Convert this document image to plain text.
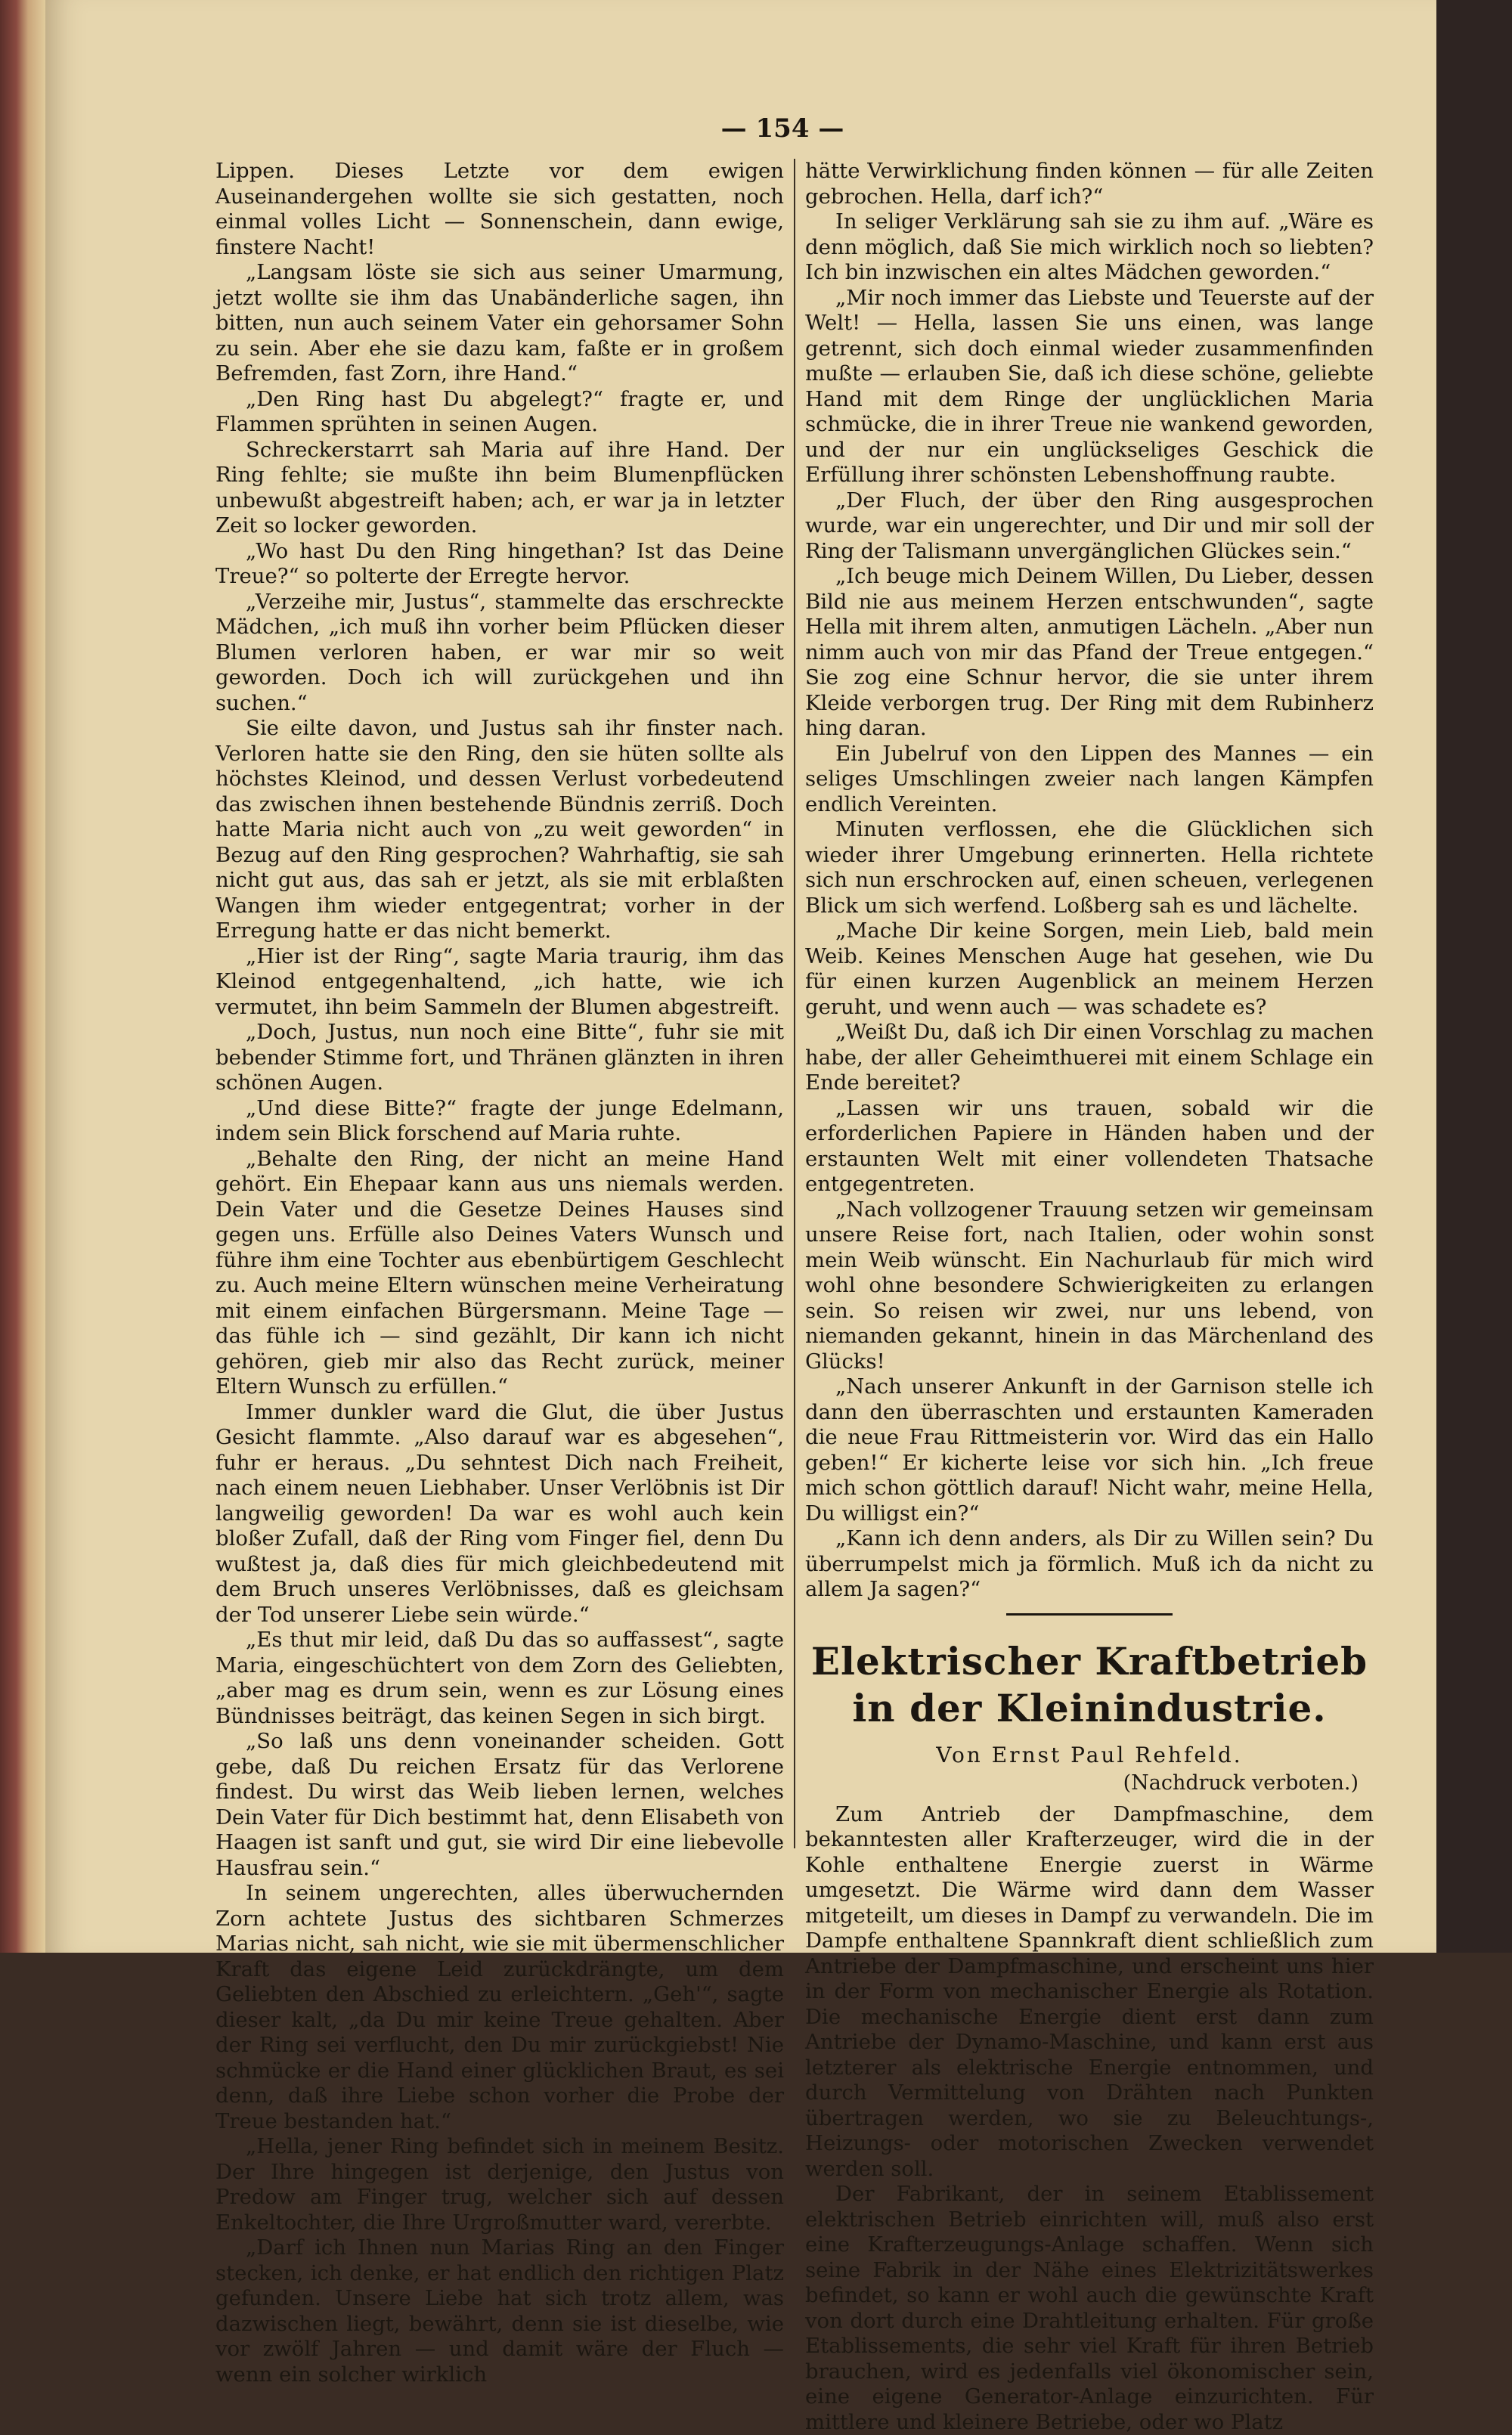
— 154 —

Lippen. Dieses Letzte vor dem ewigen Auseinandergehen wollte sie sich gestatten, noch einmal volles Licht — Sonnenschein, dann ewige, finstere Nacht!

„Langsam löste sie sich aus seiner Umarmung, jetzt wollte sie ihm das Unabänderliche sagen, ihn bitten, nun auch seinem Vater ein gehorsamer Sohn zu sein. Aber ehe sie dazu kam, faßte er in großem Befremden, fast Zorn, ihre Hand.“

„Den Ring hast Du abgelegt?“ fragte er, und Flammen sprühten in seinen Augen.

Schreckerstarrt sah Maria auf ihre Hand. Der Ring fehlte; sie mußte ihn beim Blumenpflücken unbewußt abgestreift haben; ach, er war ja in letzter Zeit so locker geworden.

„Wo hast Du den Ring hingethan? Ist das Deine Treue?“ so polterte der Erregte hervor.

„Verzeihe mir, Justus“, stammelte das erschreckte Mädchen, „ich muß ihn vorher beim Pflücken dieser Blumen verloren haben, er war mir so weit geworden. Doch ich will zurückgehen und ihn suchen.“

Sie eilte davon, und Justus sah ihr finster nach. Verloren hatte sie den Ring, den sie hüten sollte als höchstes Kleinod, und dessen Verlust vorbedeutend das zwischen ihnen bestehende Bündnis zerriß. Doch hatte Maria nicht auch von „zu weit geworden“ in Bezug auf den Ring gesprochen? Wahrhaftig, sie sah nicht gut aus, das sah er jetzt, als sie mit erblaßten Wangen ihm wieder entgegentrat; vorher in der Erregung hatte er das nicht bemerkt.

„Hier ist der Ring“, sagte Maria traurig, ihm das Kleinod entgegenhaltend, „ich hatte, wie ich vermutet, ihn beim Sammeln der Blumen abgestreift.

„Doch, Justus, nun noch eine Bitte“, fuhr sie mit bebender Stimme fort, und Thränen glänzten in ihren schönen Augen.

„Und diese Bitte?“ fragte der junge Edelmann, indem sein Blick forschend auf Maria ruhte.

„Behalte den Ring, der nicht an meine Hand gehört. Ein Ehepaar kann aus uns niemals werden. Dein Vater und die Gesetze Deines Hauses sind gegen uns. Erfülle also Deines Vaters Wunsch und führe ihm eine Tochter aus ebenbürtigem Geschlecht zu. Auch meine Eltern wünschen meine Verheiratung mit einem einfachen Bürgersmann. Meine Tage — das fühle ich — sind gezählt, Dir kann ich nicht gehören, gieb mir also das Recht zurück, meiner Eltern Wunsch zu erfüllen.“

Immer dunkler ward die Glut, die über Justus Gesicht flammte. „Also darauf war es abgesehen“, fuhr er heraus. „Du sehntest Dich nach Freiheit, nach einem neuen Liebhaber. Unser Verlöbnis ist Dir langweilig geworden! Da war es wohl auch kein bloßer Zufall, daß der Ring vom Finger fiel, denn Du wußtest ja, daß dies für mich gleichbedeutend mit dem Bruch unseres Verlöbnisses, daß es gleichsam der Tod unserer Liebe sein würde.“

„Es thut mir leid, daß Du das so auffassest“, sagte Maria, eingeschüchtert von dem Zorn des Geliebten, „aber mag es drum sein, wenn es zur Lösung eines Bündnisses beiträgt, das keinen Segen in sich birgt.

„So laß uns denn voneinander scheiden. Gott gebe, daß Du reichen Ersatz für das Verlorene findest. Du wirst das Weib lieben lernen, welches Dein Vater für Dich bestimmt hat, denn Elisabeth von Haagen ist sanft und gut, sie wird Dir eine liebevolle Hausfrau sein.“

In seinem ungerechten, alles überwuchernden Zorn achtete Justus des sichtbaren Schmerzes Marias nicht, sah nicht, wie sie mit übermenschlicher Kraft das eigene Leid zurückdrängte, um dem Geliebten den Abschied zu erleichtern. „Geh'“, sagte dieser kalt, „da Du mir keine Treue gehalten. Aber der Ring sei verflucht, den Du mir zurückgiebst! Nie schmücke er die Hand einer glücklichen Braut, es sei denn, daß ihre Liebe schon vorher die Probe der Treue bestanden hat.“

„Hella, jener Ring befindet sich in meinem Besitz. Der Ihre hingegen ist derjenige, den Justus von Predow am Finger trug, welcher sich auf dessen Enkeltochter, die Ihre Urgroßmutter ward, vererbte.

„Darf ich Ihnen nun Marias Ring an den Finger stecken, ich denke, er hat endlich den richtigen Platz gefunden. Unsere Liebe hat sich trotz allem, was dazwischen liegt, bewährt, denn sie ist dieselbe, wie vor zwölf Jahren — und damit wäre der Fluch — wenn ein solcher wirklich

hätte Verwirklichung finden können — für alle Zeiten gebrochen. Hella, darf ich?“

In seliger Verklärung sah sie zu ihm auf. „Wäre es denn möglich, daß Sie mich wirklich noch so liebten? Ich bin inzwischen ein altes Mädchen geworden.“

„Mir noch immer das Liebste und Teuerste auf der Welt! — Hella, lassen Sie uns einen, was lange getrennt, sich doch einmal wieder zusammenfinden mußte — erlauben Sie, daß ich diese schöne, geliebte Hand mit dem Ringe der unglücklichen Maria schmücke, die in ihrer Treue nie wankend geworden, und der nur ein unglückseliges Geschick die Erfüllung ihrer schönsten Lebenshoffnung raubte.

„Der Fluch, der über den Ring ausgesprochen wurde, war ein ungerechter, und Dir und mir soll der Ring der Talismann unvergänglichen Glückes sein.“

„Ich beuge mich Deinem Willen, Du Lieber, dessen Bild nie aus meinem Herzen entschwunden“, sagte Hella mit ihrem alten, anmutigen Lächeln. „Aber nun nimm auch von mir das Pfand der Treue entgegen.“ Sie zog eine Schnur hervor, die sie unter ihrem Kleide verborgen trug. Der Ring mit dem Rubinherz hing daran.

Ein Jubelruf von den Lippen des Mannes — ein seliges Umschlingen zweier nach langen Kämpfen endlich Vereinten.

Minuten verflossen, ehe die Glücklichen sich wieder ihrer Umgebung erinnerten. Hella richtete sich nun erschrocken auf, einen scheuen, verlegenen Blick um sich werfend. Loßberg sah es und lächelte.

„Mache Dir keine Sorgen, mein Lieb, bald mein Weib. Keines Menschen Auge hat gesehen, wie Du für einen kurzen Augenblick an meinem Herzen geruht, und wenn auch — was schadete es?

„Weißt Du, daß ich Dir einen Vorschlag zu machen habe, der aller Geheimthuerei mit einem Schlage ein Ende bereitet?

„Lassen wir uns trauen, sobald wir die erforderlichen Papiere in Händen haben und der erstaunten Welt mit einer vollendeten Thatsache entgegentreten.

„Nach vollzogener Trauung setzen wir gemeinsam unsere Reise fort, nach Italien, oder wohin sonst mein Weib wünscht. Ein Nachurlaub für mich wird wohl ohne besondere Schwierigkeiten zu erlangen sein. So reisen wir zwei, nur uns lebend, von niemanden gekannt, hinein in das Märchenland des Glücks!

„Nach unserer Ankunft in der Garnison stelle ich dann den überraschten und erstaunten Kameraden die neue Frau Rittmeisterin vor. Wird das ein Hallo geben!“ Er kicherte leise vor sich hin. „Ich freue mich schon göttlich darauf! Nicht wahr, meine Hella, Du willigst ein?“

„Kann ich denn anders, als Dir zu Willen sein? Du überrumpelst mich ja förmlich. Muß ich da nicht zu allem Ja sagen?“

Elektrischer Kraftbetrieb in der Kleinindustrie.
Von Ernst Paul Rehfeld.
(Nachdruck verboten.)

Zum Antrieb der Dampfmaschine, dem bekanntesten aller Krafterzeuger, wird die in der Kohle enthaltene Energie zuerst in Wärme umgesetzt. Die Wärme wird dann dem Wasser mitgeteilt, um dieses in Dampf zu verwandeln. Die im Dampfe enthaltene Spannkraft dient schließlich zum Antriebe der Dampfmaschine, und erscheint uns hier in der Form von mechanischer Energie als Rotation. Die mechanische Energie dient erst dann zum Antriebe der Dynamo-Maschine, und kann erst aus letzterer als elektrische Energie entnommen, und durch Vermittelung von Drähten nach Punkten übertragen werden, wo sie zu Beleuchtungs-, Heizungs- oder motorischen Zwecken verwendet werden soll.

Der Fabrikant, der in seinem Etablissement elektrischen Betrieb einrichten will, muß also erst eine Krafterzeugungs-Anlage schaffen. Wenn sich seine Fabrik in der Nähe eines Elektrizitätswerkes befindet, so kann er wohl auch die gewünschte Kraft von dort durch eine Drahtleitung erhalten. Für große Etablissements, die sehr viel Kraft für ihren Betrieb brauchen, wird es jedenfalls viel ökonomischer sein, eine eigene Generator-Anlage einzurichten. Für mittlere und kleinere Betriebe, oder wo Platz
